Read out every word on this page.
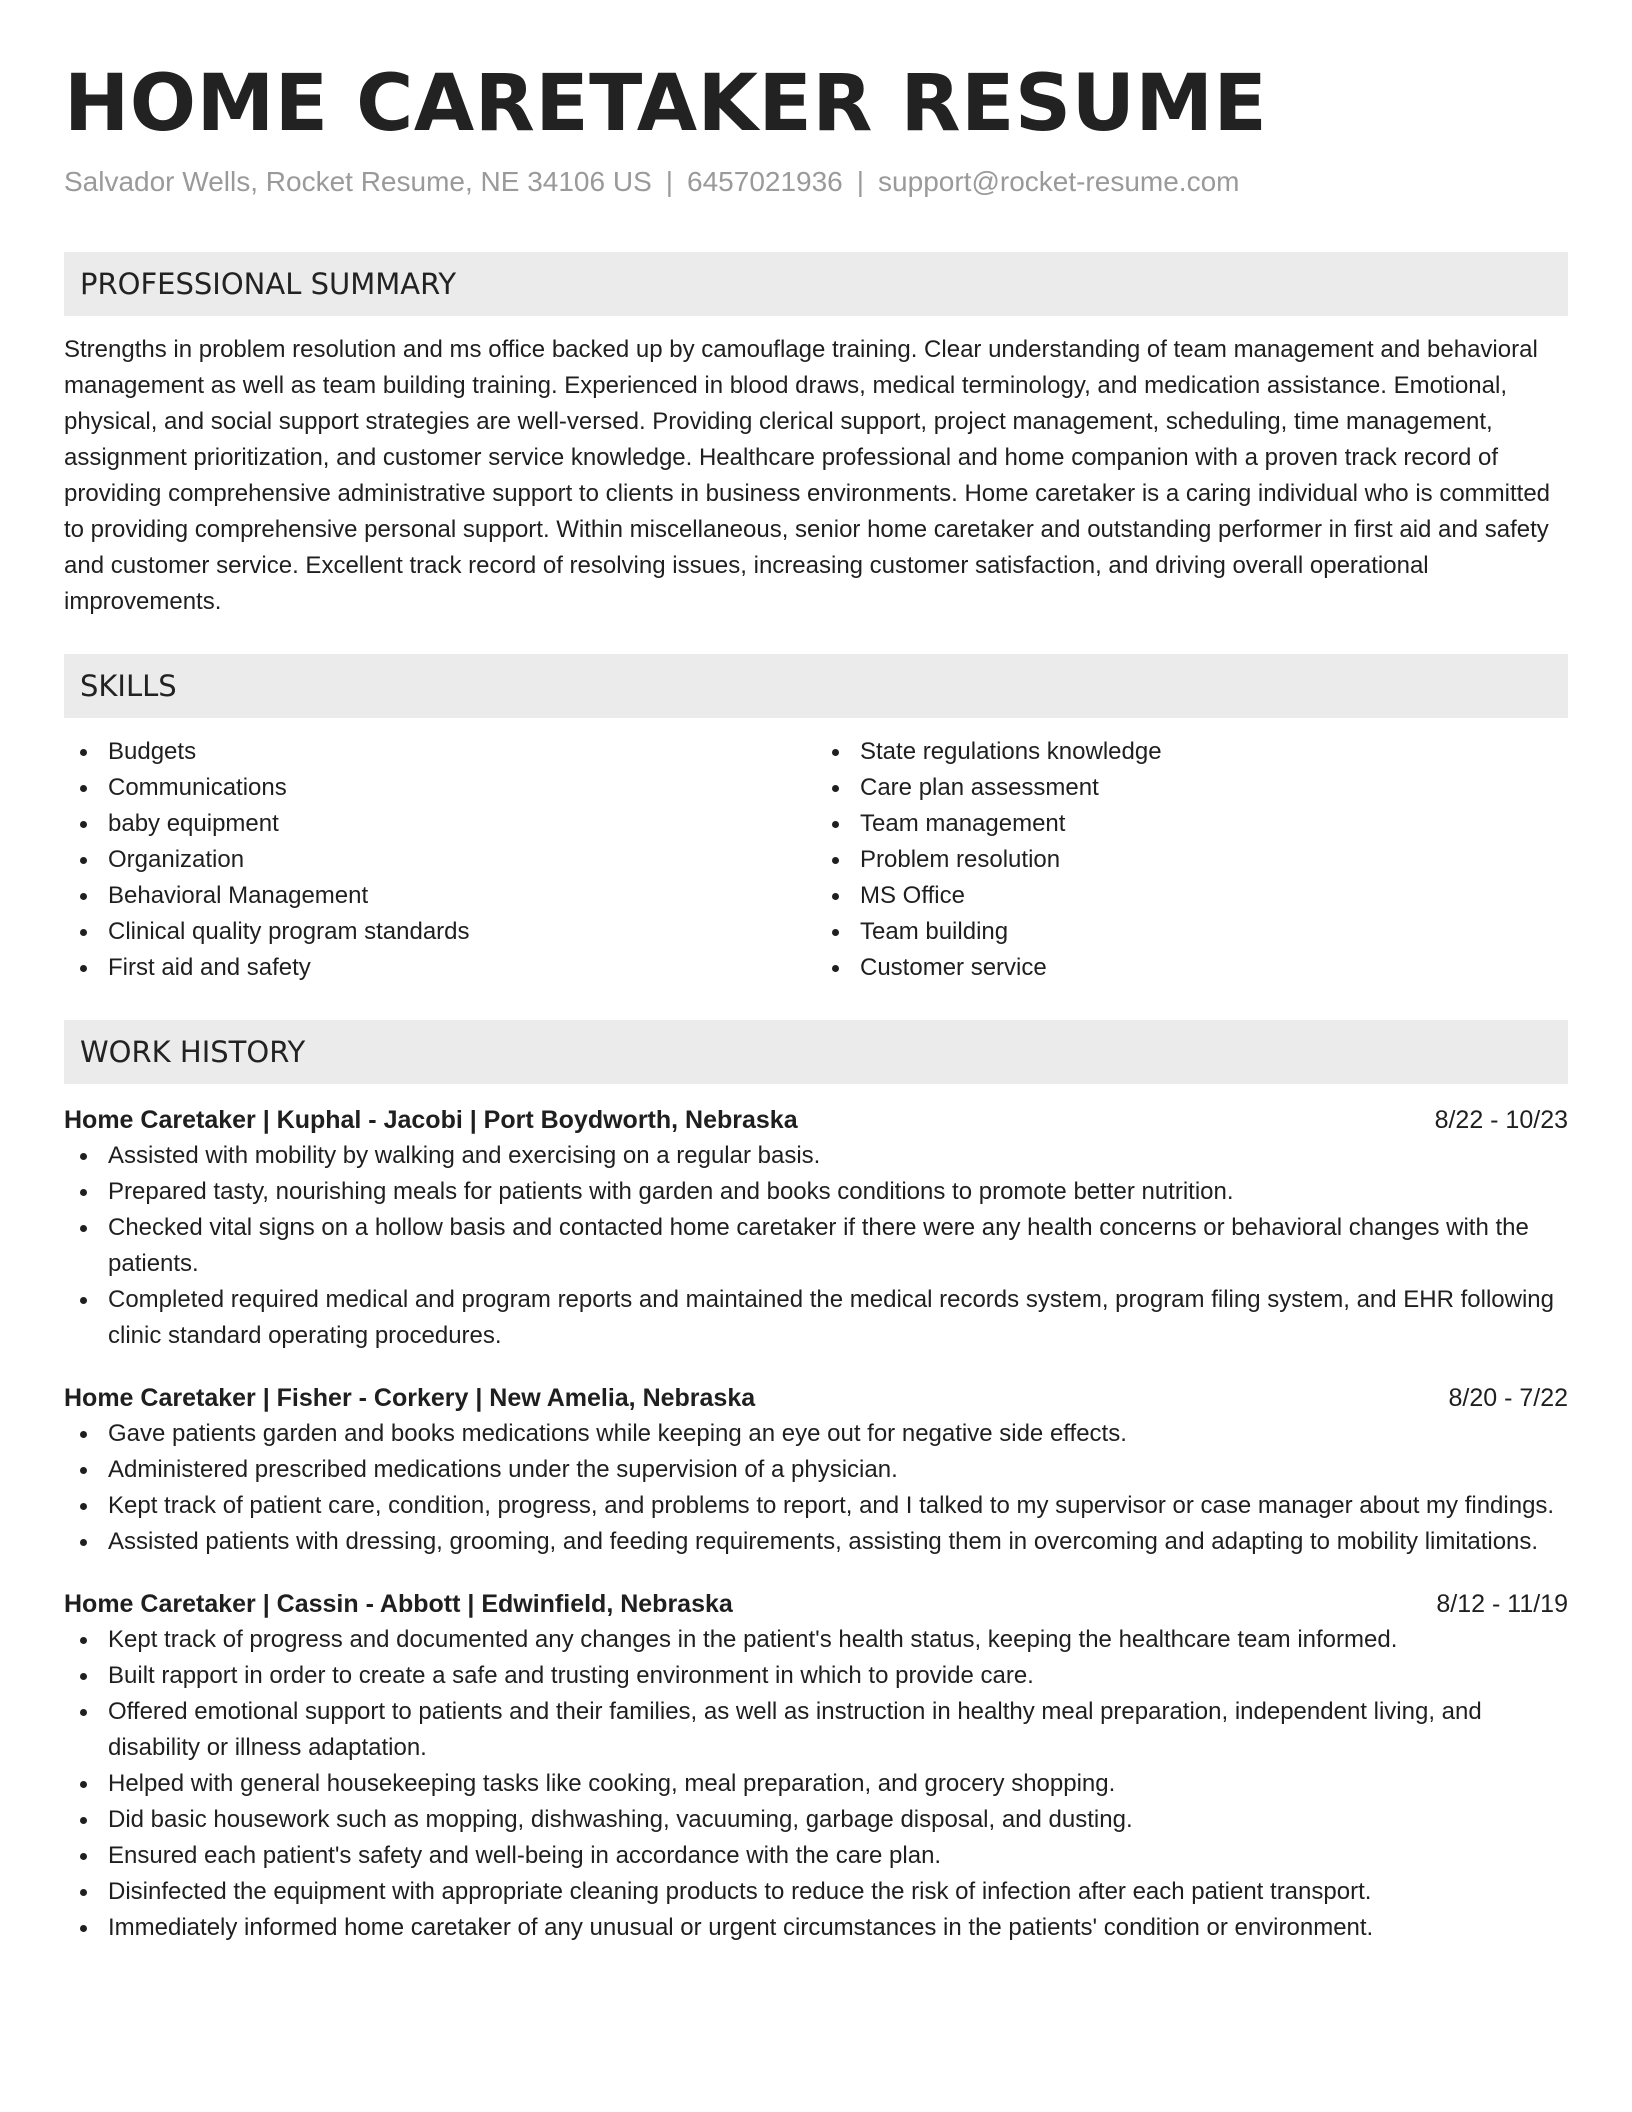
HOME CARETAKER RESUME
Salvador Wells, Rocket Resume, NE 34106 US | 6457021936 | support@rocket-resume.com
PROFESSIONAL SUMMARY

Strengths in problem resolution and ms office backed up by camouflage training. Clear understanding of team management and behavioral management as well as team building training. Experienced in blood draws, medical terminology, and medication assistance. Emotional, physical, and social support strategies are well-versed. Providing clerical support, project management, scheduling, time management, assignment prioritization, and customer service knowledge. Healthcare professional and home companion with a proven track record of providing comprehensive administrative support to clients in business environments. Home caretaker is a caring individual who is committed to providing comprehensive personal support. Within miscellaneous, senior home caretaker and outstanding performer in first aid and safety and customer service. Excellent track record of resolving issues, increasing customer satisfaction, and driving overall operational improvements.

SKILLS
Budgets
Communications
baby equipment
Organization
Behavioral Management
Clinical quality program standards
First aid and safety
State regulations knowledge
Care plan assessment
Team management
Problem resolution
MS Office
Team building
Customer service
WORK HISTORY
Home Caretaker | Kuphal - Jacobi | Port Boydworth, Nebraska	8/22 - 10/23
Assisted with mobility by walking and exercising on a regular basis.
Prepared tasty, nourishing meals for patients with garden and books conditions to promote better nutrition.
Checked vital signs on a hollow basis and contacted home caretaker if there were any health concerns or behavioral changes with the patients.
Completed required medical and program reports and maintained the medical records system, program filing system, and EHR following clinic standard operating procedures.
Home Caretaker | Fisher - Corkery | New Amelia, Nebraska	8/20 - 7/22
Gave patients garden and books medications while keeping an eye out for negative side effects.
Administered prescribed medications under the supervision of a physician.
Kept track of patient care, condition, progress, and problems to report, and I talked to my supervisor or case manager about my findings.
Assisted patients with dressing, grooming, and feeding requirements, assisting them in overcoming and adapting to mobility limitations.
Home Caretaker | Cassin - Abbott | Edwinfield, Nebraska	8/12 - 11/19
Kept track of progress and documented any changes in the patient's health status, keeping the healthcare team informed.
Built rapport in order to create a safe and trusting environment in which to provide care.
Offered emotional support to patients and their families, as well as instruction in healthy meal preparation, independent living, and disability or illness adaptation.
Helped with general housekeeping tasks like cooking, meal preparation, and grocery shopping.
Did basic housework such as mopping, dishwashing, vacuuming, garbage disposal, and dusting.
Ensured each patient's safety and well-being in accordance with the care plan.
Disinfected the equipment with appropriate cleaning products to reduce the risk of infection after each patient transport.
Immediately informed home caretaker of any unusual or urgent circumstances in the patients' condition or environment.
